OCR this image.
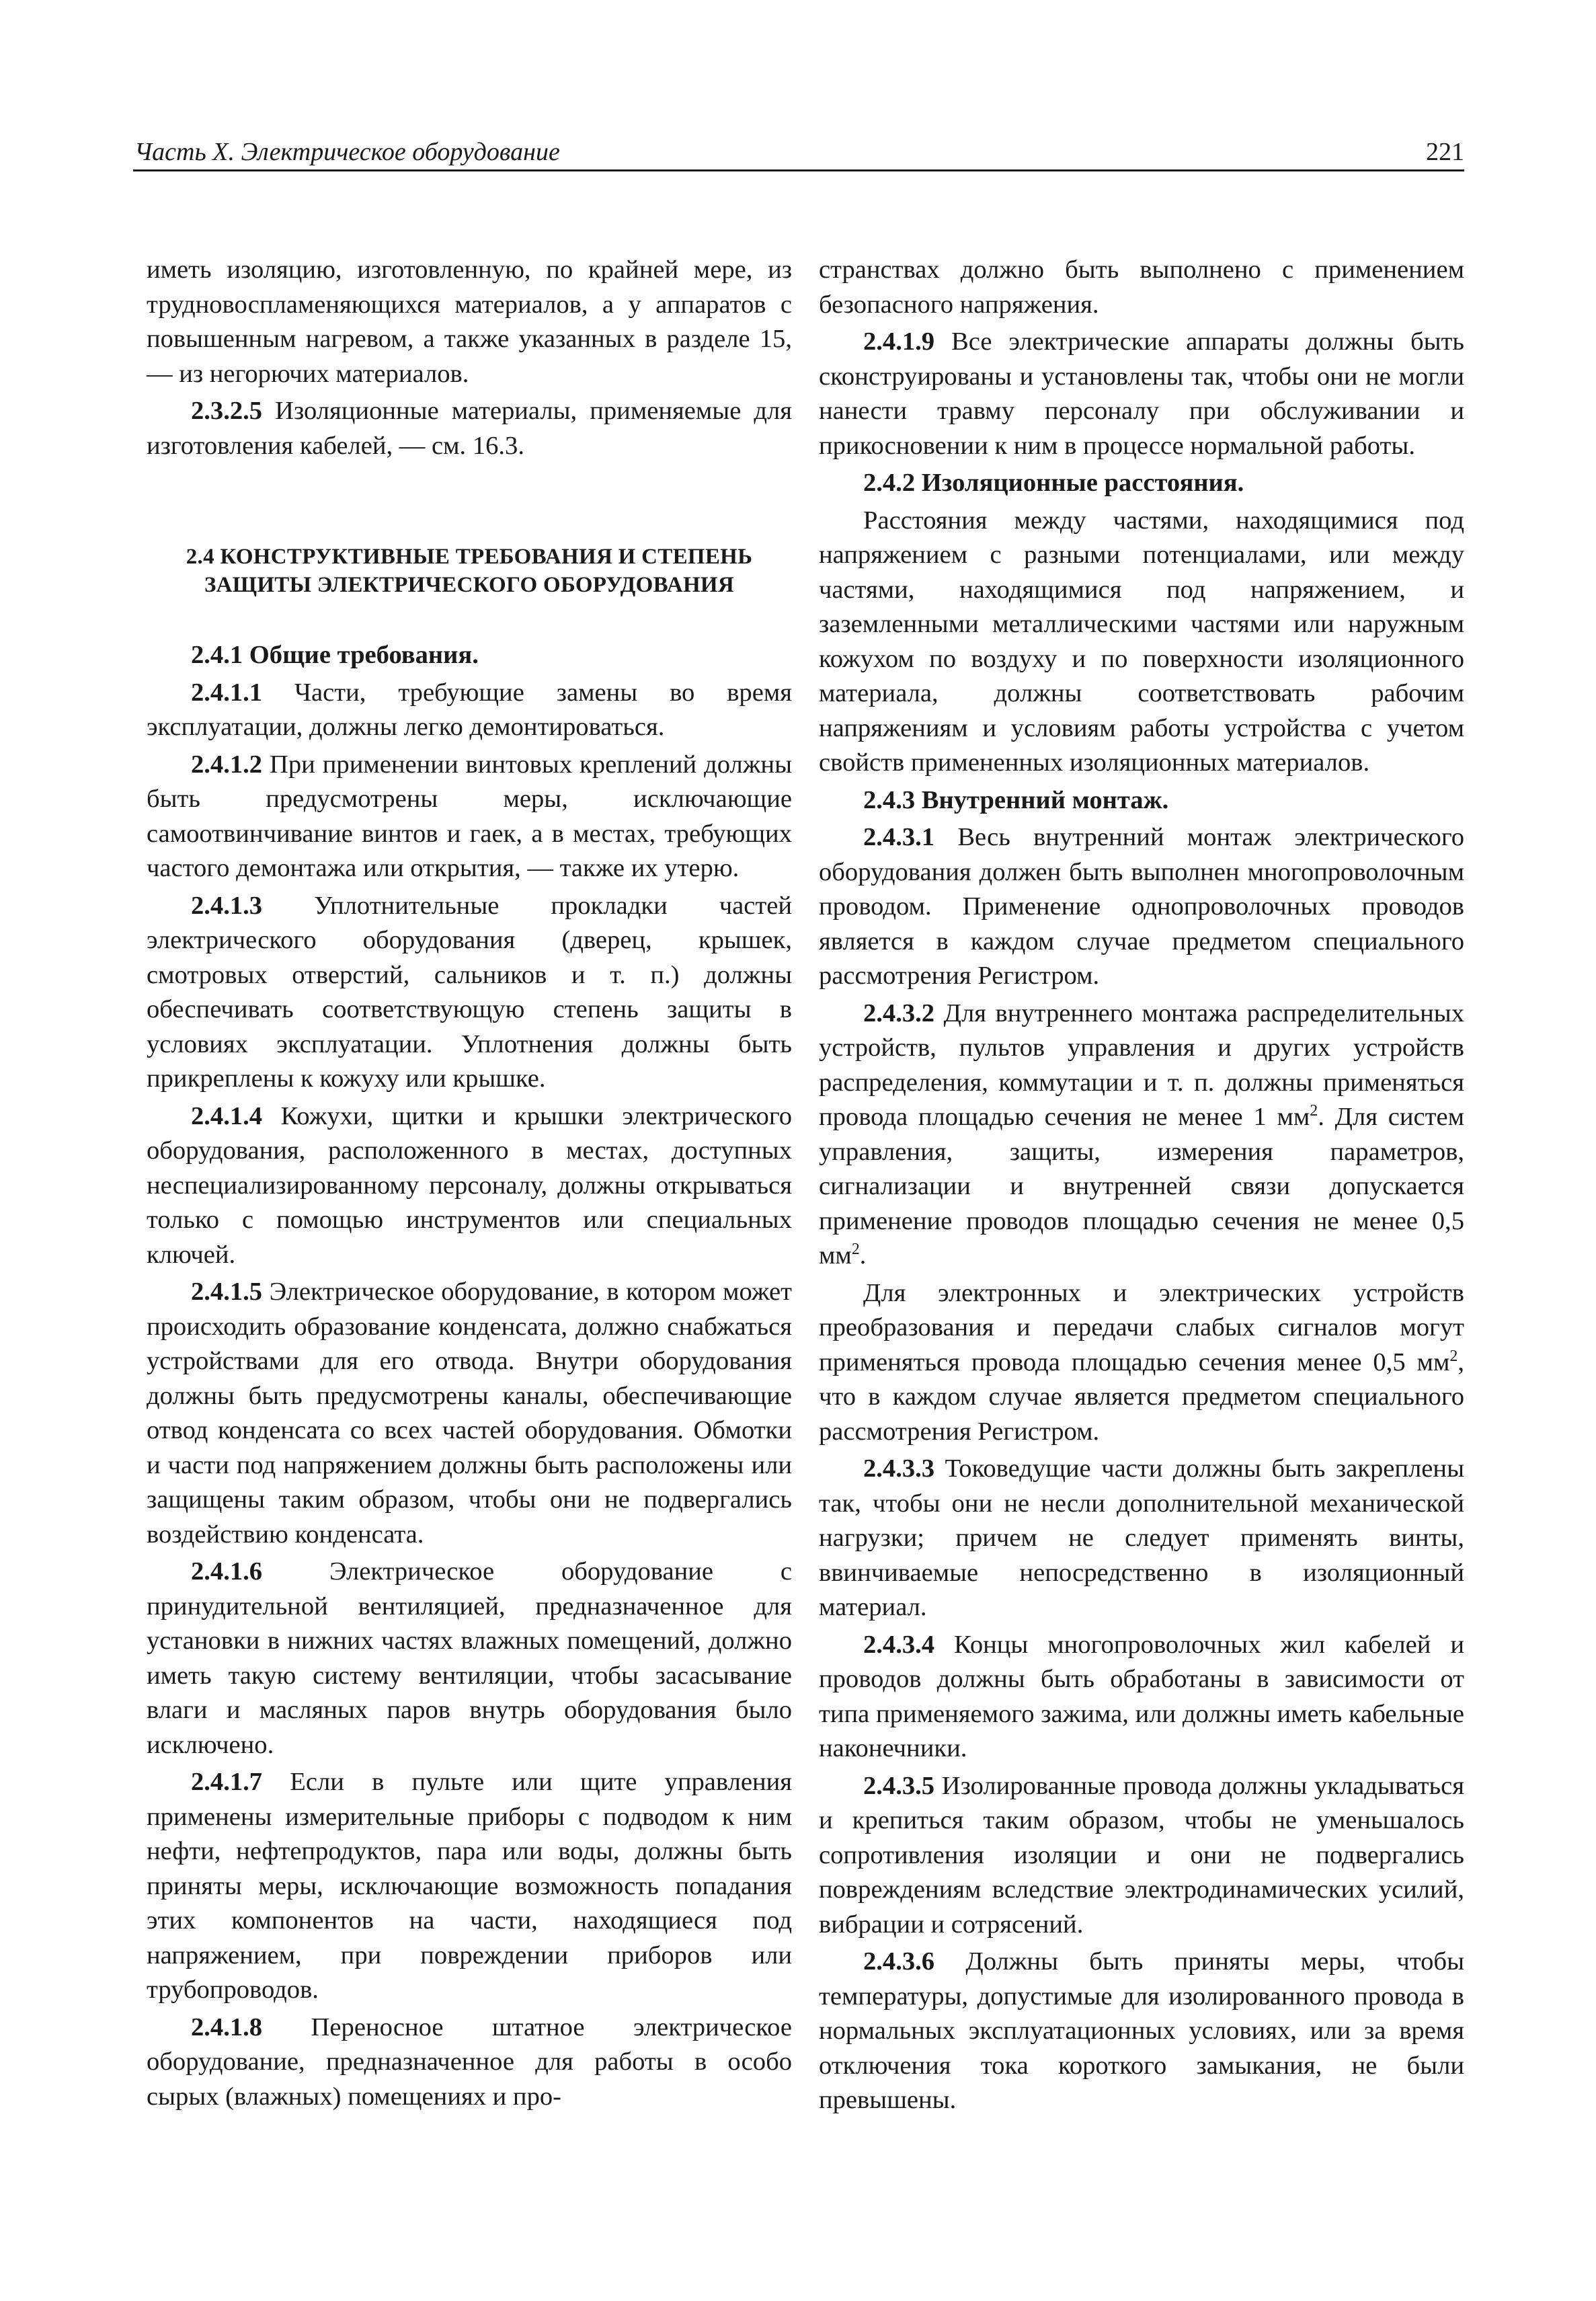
Часть X. Электрическое оборудование	221

иметь изоляцию, изготовленную, по крайней мере, из трудновоспламеняющихся материалов, а у аппаратов с повышенным нагревом, а также указанных в разделе 15, — из негорючих материалов.

2.3.2.5 Изоляционные материалы, применяемые для изготовления кабелей, — см. 16.3.

2.4 КОНСТРУКТИВНЫЕ ТРЕБОВАНИЯ И СТЕПЕНЬ
ЗАЩИТЫ ЭЛЕКТРИЧЕСКОГО ОБОРУДОВАНИЯ

2.4.1 Общие требования.

2.4.1.1 Части, требующие замены во время эксплуатации, должны легко демонтироваться.

2.4.1.2 При применении винтовых креплений должны быть предусмотрены меры, исключающие самоотвинчивание винтов и гаек, а в местах, требующих частого демонтажа или открытия, — также их утерю.

2.4.1.3 Уплотнительные прокладки частей электрического оборудования (дверец, крышек, смотровых отверстий, сальников и т. п.) должны обеспечивать соответствующую степень защиты в условиях эксплуатации. Уплотнения должны быть прикреплены к кожуху или крышке.

2.4.1.4 Кожухи, щитки и крышки электрического оборудования, расположенного в местах, доступных неспециализированному персоналу, должны открываться только с помощью инструментов или специальных ключей.

2.4.1.5 Электрическое оборудование, в котором может происходить образование конденсата, должно снабжаться устройствами для его отвода. Внутри оборудования должны быть предусмотрены каналы, обеспечивающие отвод конденсата со всех частей оборудования. Обмотки и части под напряжением должны быть расположены или защищены таким образом, чтобы они не подвергались воздействию конденсата.

2.4.1.6 Электрическое оборудование с принудительной вентиляцией, предназначенное для установки в нижних частях влажных помещений, должно иметь такую систему вентиляции, чтобы засасывание влаги и масляных паров внутрь оборудования было исключено.

2.4.1.7 Если в пульте или щите управления применены измерительные приборы с подводом к ним нефти, нефтепродуктов, пара или воды, должны быть приняты меры, исключающие возможность попадания этих компонентов на части, находящиеся под напряжением, при повреждении приборов или трубопроводов.

2.4.1.8 Переносное штатное электрическое оборудование, предназначенное для работы в особо сырых (влажных) помещениях и про-

странствах должно быть выполнено с применением безопасного напряжения.

2.4.1.9 Все электрические аппараты должны быть сконструированы и установлены так, чтобы они не могли нанести травму персоналу при обслуживании и прикосновении к ним в процессе нормальной работы.

2.4.2 Изоляционные расстояния.

Расстояния между частями, находящимися под напряжением с разными потенциалами, или между частями, находящимися под напряжением, и заземленными металлическими частями или наружным кожухом по воздуху и по поверхности изоляционного материала, должны соответствовать рабочим напряжениям и условиям работы устройства с учетом свойств примененных изоляционных материалов.

2.4.3 Внутренний монтаж.

2.4.3.1 Весь внутренний монтаж электрического оборудования должен быть выполнен многопроволочным проводом. Применение однопроволочных проводов является в каждом случае предметом специального рассмотрения Регистром.

2.4.3.2 Для внутреннего монтажа распределительных устройств, пультов управления и других устройств распределения, коммутации и т. п. должны применяться провода площадью сечения не менее 1 $мм^2$. Для систем управления, защиты, измерения параметров, сигнализации и внутренней связи допускается применение проводов площадью сечения не менее 0,5 $мм^2$.

Для электронных и электрических устройств преобразования и передачи слабых сигналов могут применяться провода площадью сечения менее 0,5 $мм^2$, что в каждом случае является предметом специального рассмотрения Регистром.

2.4.3.3 Токоведущие части должны быть закреплены так, чтобы они не несли дополнительной механической нагрузки; причем не следует применять винты, ввинчиваемые непосредственно в изоляционный материал.

2.4.3.4 Концы многопроволочных жил кабелей и проводов должны быть обработаны в зависимости от типа применяемого зажима, или должны иметь кабельные наконечники.

2.4.3.5 Изолированные провода должны укладываться и крепиться таким образом, чтобы не уменьшалось сопротивления изоляции и они не подвергались повреждениям вследствие электродинамических усилий, вибрации и сотрясений.

2.4.3.6 Должны быть приняты меры, чтобы температуры, допустимые для изолированного провода в нормальных эксплуатационных условиях, или за время отключения тока короткого замыкания, не были превышены.
